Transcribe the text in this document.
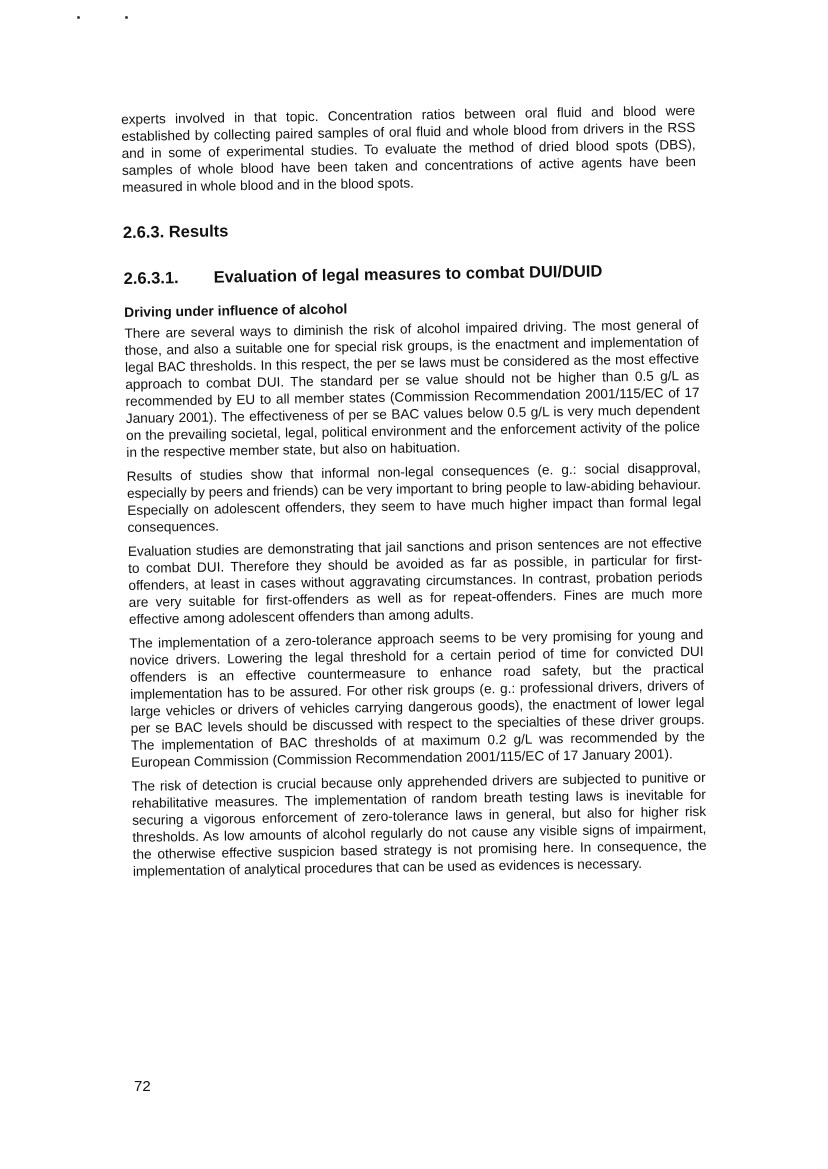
experts involved in that topic. Concentration ratios between oral fluid and blood were established by collecting paired samples of oral fluid and whole blood from drivers in the RSS and in some of experimental studies. To evaluate the method of dried blood spots (DBS), samples of whole blood have been taken and concentrations of active agents have been measured in whole blood and in the blood spots.

2.6.3. Results
2.6.3.1.	Evaluation of legal measures to combat DUI/DUID
Driving under influence of alcohol

There are several ways to diminish the risk of alcohol impaired driving. The most general of those, and also a suitable one for special risk groups, is the enactment and implementation of legal BAC thresholds. In this respect, the per se laws must be considered as the most effective approach to combat DUI. The standard per se value should not be higher than 0.5 g/L as recommended by EU to all member states (Commission Recommendation 2001/115/EC of 17 January 2001). The effectiveness of per se BAC values below 0.5 g/L is very much dependent on the prevailing societal, legal, political environment and the enforcement activity of the police in the respective member state, but also on habituation.

Results of studies show that informal non-legal consequences (e. g.: social disapproval, especially by peers and friends) can be very important to bring people to law-abiding behaviour. Especially on adolescent offenders, they seem to have much higher impact than formal legal consequences.

Evaluation studies are demonstrating that jail sanctions and prison sentences are not effective to combat DUI. Therefore they should be avoided as far as possible, in particular for first-offenders, at least in cases without aggravating circumstances. In contrast, probation periods are very suitable for first-offenders as well as for repeat-offenders. Fines are much more effective among adolescent offenders than among adults.

The implementation of a zero-tolerance approach seems to be very promising for young and novice drivers. Lowering the legal threshold for a certain period of time for convicted DUI offenders is an effective countermeasure to enhance road safety, but the practical implementation has to be assured. For other risk groups (e. g.: professional drivers, drivers of large vehicles or drivers of vehicles carrying dangerous goods), the enactment of lower legal per se BAC levels should be discussed with respect to the specialties of these driver groups. The implementation of BAC thresholds of at maximum 0.2 g/L was recommended by the European Commission (Commission Recommendation 2001/115/EC of 17 January 2001).

The risk of detection is crucial because only apprehended drivers are subjected to punitive or rehabilitative measures. The implementation of random breath testing laws is inevitable for securing a vigorous enforcement of zero-tolerance laws in general, but also for higher risk thresholds. As low amounts of alcohol regularly do not cause any visible signs of impairment, the otherwise effective suspicion based strategy is not promising here. In consequence, the implementation of analytical procedures that can be used as evidences is necessary.

72
